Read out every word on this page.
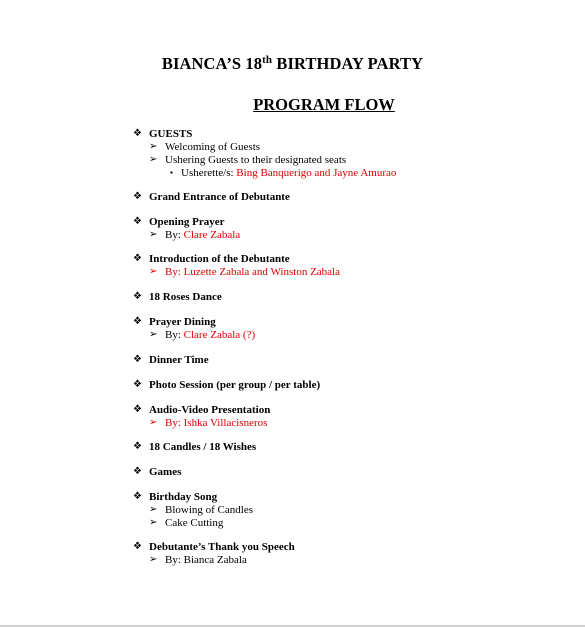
BIANCA’S 18th BIRTHDAY PARTY
PROGRAM FLOW
❖ GUESTS
➢ Welcoming of Guests
➢ Ushering Guests to their designated seats
▪ Usherette/s: Bing Banquerigo and Jayne Amurao
❖ Grand Entrance of Debutante
❖ Opening Prayer
➢ By: Clare Zabala
❖ Introduction of the Debutante
➢ By: Luzette Zabala and Winston Zabala
❖ 18 Roses Dance
❖ Prayer Dining
➢ By: Clare Zabala (?)
❖ Dinner Time
❖ Photo Session (per group / per table)
❖ Audio-Video Presentation
➢ By: Ishka Villacisneros
❖ 18 Candles / 18 Wishes
❖ Games
❖ Birthday Song
➢ Blowing of Candles
➢ Cake Cutting
❖ Debutante’s Thank you Speech
➢ By: Bianca Zabala
